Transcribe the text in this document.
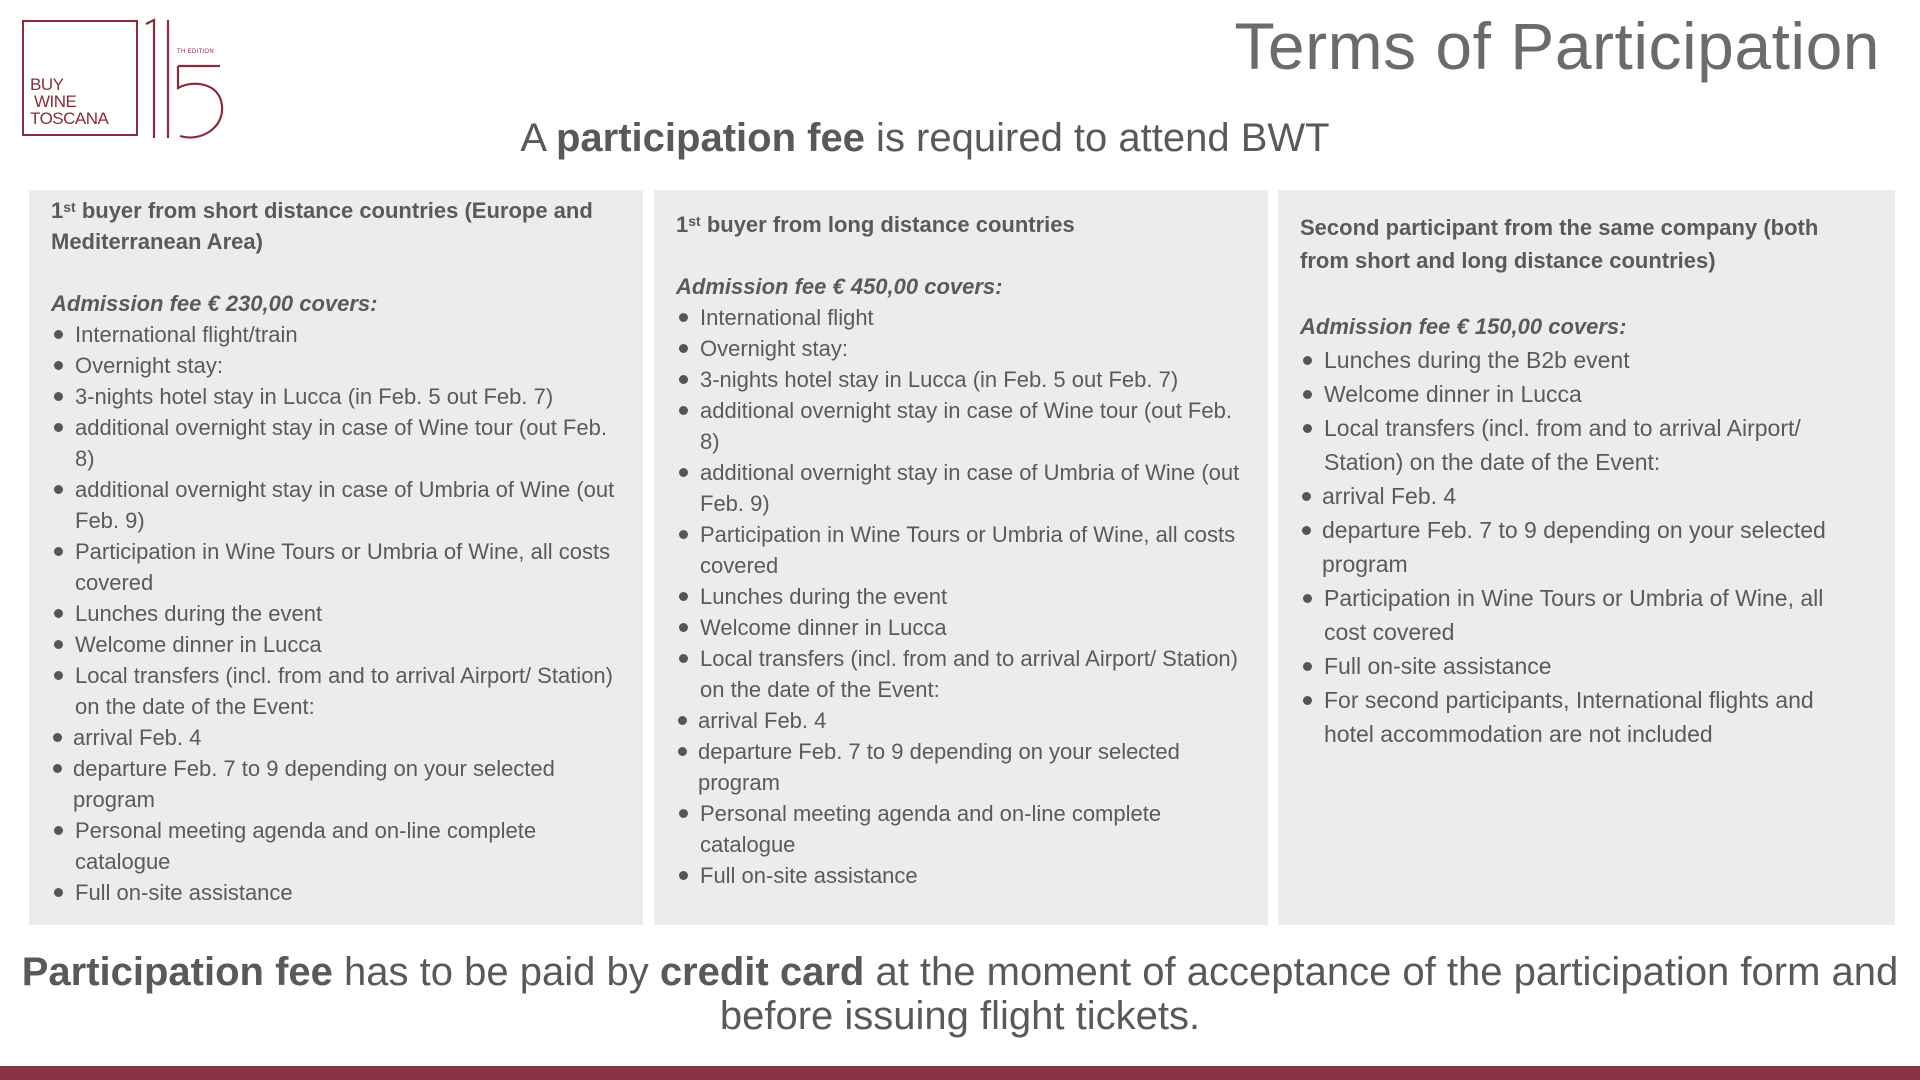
BUY
WINE
TOSCANA
TH EDITION	Terms of Participation
A participation fee is required to attend BWT
1st buyer from short distance countries (Europe and Mediterranean Area)

Admission fee € 230,00 covers:

International flight/train
Overnight stay:
3-nights hotel stay in Lucca (in Feb. 5 out Feb. 7)
additional overnight stay in case of Wine tour (out Feb. 8)
additional overnight stay in case of Umbria of Wine (out Feb. 9)
Participation in Wine Tours or Umbria of Wine, all costs covered
Lunches during the event
Welcome dinner in Lucca
Local transfers (incl. from and to arrival Airport/ Station) on the date of the Event:
arrival Feb. 4
departure Feb. 7 to 9 depending on your selected program
Personal meeting agenda and on-line complete catalogue
Full on-site assistance
1st buyer from long distance countries

Admission fee € 450,00 covers:

International flight
Overnight stay:
3-nights hotel stay in Lucca (in Feb. 5 out Feb. 7)
additional overnight stay in case of Wine tour (out Feb. 8)
additional overnight stay in case of Umbria of Wine (out Feb. 9)
Participation in Wine Tours or Umbria of Wine, all costs covered
Lunches during the event
Welcome dinner in Lucca
Local transfers (incl. from and to arrival Airport/ Station) on the date of the Event:
arrival Feb. 4
departure Feb. 7 to 9 depending on your selected program
Personal meeting agenda and on-line complete catalogue
Full on-site assistance
Second participant from the same company (both from short and long distance countries)

Admission fee € 150,00 covers:

Lunches during the B2b event
Welcome dinner in Lucca
Local transfers (incl. from and to arrival Airport/ Station) on the date of the Event:
arrival Feb. 4
departure Feb. 7 to 9 depending on your selected program
Participation in Wine Tours or Umbria of Wine, all cost covered
Full on-site assistance
For second participants, International flights and hotel accommodation are not included
Participation fee has to be paid by credit card at the moment of acceptance of the participation form and before issuing flight tickets.
